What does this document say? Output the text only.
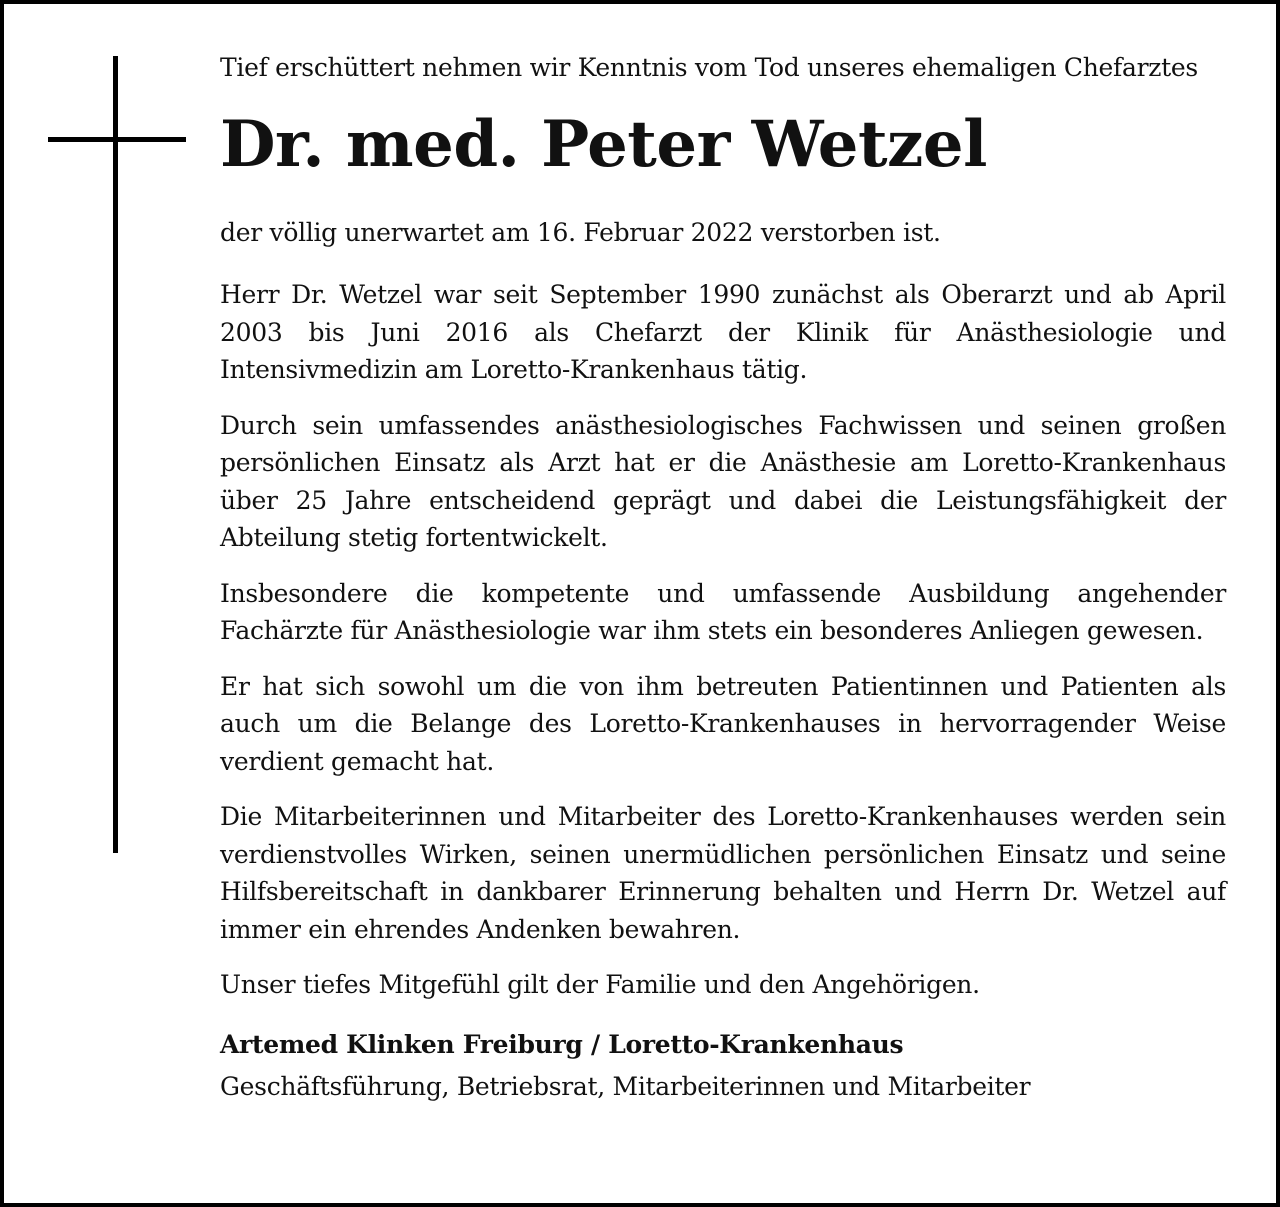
Tief erschüttert nehmen wir Kenntnis vom Tod unseres ehemaligen Chefarztes

Dr. med. Peter Wetzel

der völlig unerwartet am 16. Februar 2022 verstorben ist.

Herr Dr. Wetzel war seit September 1990 zunächst als Oberarzt und ab April 2003 bis Juni 2016 als Chefarzt der Klinik für Anästhesiologie und Intensivmedizin am Loretto-Krankenhaus tätig.

Durch sein umfassendes anästhesiologisches Fachwissen und seinen großen persönlichen Einsatz als Arzt hat er die Anästhesie am Loretto-Krankenhaus über 25 Jahre entscheidend geprägt und dabei die Leistungsfähigkeit der Abteilung stetig fortentwickelt.

Insbesondere die kompetente und umfassende Ausbildung angehender Fachärzte für Anästhesiologie war ihm stets ein besonderes Anliegen gewesen.

Er hat sich sowohl um die von ihm betreuten Patientinnen und Patienten als auch um die Belange des Loretto-Krankenhauses in hervorragender Weise verdient gemacht hat.

Die Mitarbeiterinnen und Mitarbeiter des Loretto-Krankenhauses werden sein verdienstvolles Wirken, seinen unermüdlichen persönlichen Einsatz und seine Hilfsbereitschaft in dankbarer Erinnerung behalten und Herrn Dr. Wetzel auf immer ein ehrendes Andenken bewahren.

Unser tiefes Mitgefühl gilt der Familie und den Angehörigen.

Artemed Klinken Freiburg / Loretto-Krankenhaus

Geschäftsführung, Betriebsrat, Mitarbeiterinnen und Mitarbeiter
